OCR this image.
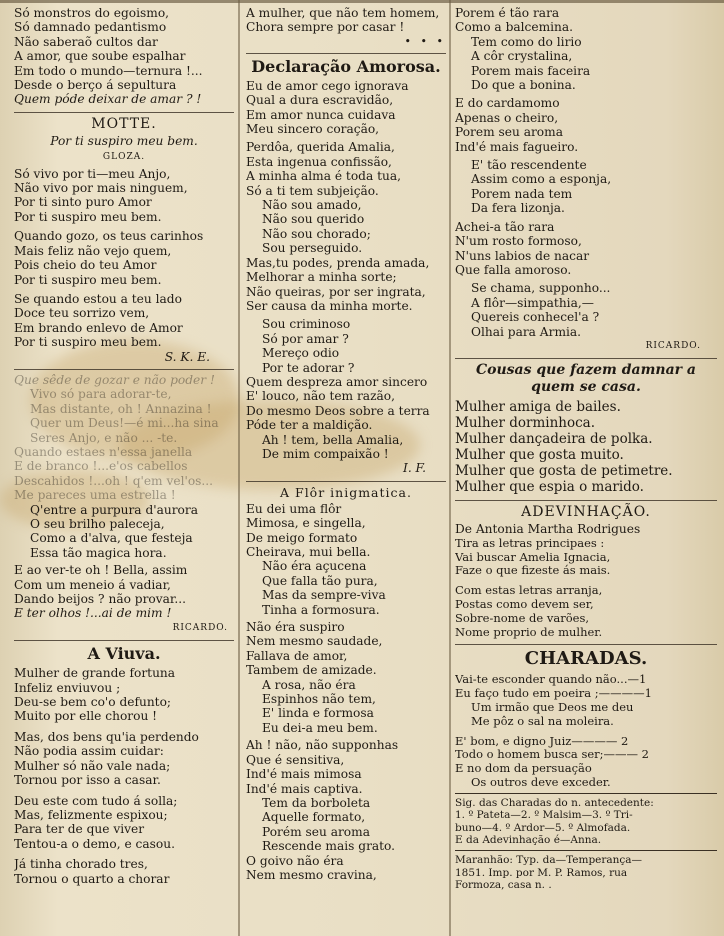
Só monstros do egoismo,
Só damnado pedantismo
Não saberaõ cultos dar
A amor, que soube espalhar
Em todo o mundo—ternura !...
Desde o berço á sepultura
Quem póde deixar de amar ? !
MOTTE.
Por ti suspiro meu bem.
GLOZA.
Só vivo por ti—meu Anjo,
Não vivo por mais ninguem,
Por ti sinto puro Amor
Por ti suspiro meu bem.
Quando gozo, os teus carinhos
Mais feliz não vejo quem,
Pois cheio do teu Amor
Por ti suspiro meu bem.
Se quando estou a teu lado
Doce teu sorrizo vem,
Em brando enlevo de Amor
Por ti suspiro meu bem.
S. K. E.
Que sêde de gozar e não poder !
Vivo só para adorar-te,
Mas distante, oh ! Annazina !
Quer um Deus!—é mi̇...ha sina
Seres Anjo, e não ... -te.
Quando estaes n'essa janella
E de branco !...e'os cabellos
Descahidos !...oh ! q'em vel'os...
Me pareces uma estrella !
Q'entre a purpura d'aurora
O seu brilho paleceja,
Como a d'alva, que festeja
Essa tão magica hora.
E ao ver-te oh ! Bella, assim
Com um meneio á vadiar,
Dando beijos ? não provar...
E ter olhos !...ai de mim !
RICARDO.
A Viuva.
Mulher de grande fortuna
Infeliz enviuvou ;
Deu-se bem co'o defunto;
Muito por elle chorou !
Mas, dos bens qu'ia perdendo
Não podia assim cuidar:
Mulher só não vale nada;
Tornou por isso a casar.
Deu este com tudo á solla;
Mas, felizmente espixou;
Para ter de que viver
Tentou-a o demo, e casou.
Já tinha chorado tres,
Tornou o quarto a chorar
A mulher, que não tem homem,
Chora sempre por casar !
• • •
Declaração Amorosa.
Eu de amor cego ignorava
Qual a dura escravidão,
Em amor nunca cuidava
Meu sincero coração,
Perdôa, querida Amalia,
Esta ingenua confissão,
A minha alma é toda tua,
Só a ti tem subjeição.
Não sou amado,
Não sou querido
Não sou chorado;
Sou perseguido.
Mas,tu podes, prenda amada,
Melhorar a minha sorte;
Não queiras, por ser ingrata,
Ser causa da minha morte.
Sou criminoso
Só por amar ?
Mereço odio
Por te adorar ?
Quem despreza amor sincero
E' louco, não tem razão,
Do mesmo Deos sobre a terra
Póde ter a maldição.
Ah ! tem, bella Amalia,
De mim compaixão !
I. F.
A Flôr inigmatica.
Eu dei uma flôr
Mimosa, e singella,
De meigo formato
Cheirava, mui bella.
Não éra açucena
Que falla tão pura,
Mas da sempre-viva
Tinha a formosura.
Não éra suspiro
Nem mesmo saudade,
Fallava de amor,
Tambem de amizade.
A rosa, não éra
Espinhos não tem,
E' linda e formosa
Eu dei-a meu bem.
Ah ! não, não supponhas
Que é sensitiva,
Ind'é mais mimosa
Ind'é mais captiva.
Tem da borboleta
Aquelle formato,
Porém seu aroma
Rescende mais grato.
O goivo não éra
Nem mesmo cravina,
Porem é tão rara
Como a balcemina.
Tem como do lirio
A côr crystalina,
Porem mais faceira
Do que a bonina.
E do cardamomo
Apenas o cheiro,
Porem seu aroma
Ind'é mais fagueiro.
E' tão rescendente
Assim como a esponja,
Porem nada tem
Da fera lizonja.
Achei-a tão rara
N'um rosto formoso,
N'uns labios de nacar
Que falla amoroso.
Se chama, supponho...
A flôr—simpathia,—
Quereis conhecel'a ?
Olhai para Armia.
RICARDO.
Cousas que fazem damnar a quem se casa.
Mulher amiga de bailes.
Mulher dorminhoca.
Mulher dançadeira de polka.
Mulher que gosta muito.
Mulher que gosta de petimetre.
Mulher que espia o marido.
ADEVINHAÇÃO.
De Antonia Martha Rodrigues
Tira as letras principaes :
Vai buscar Amelia Ignacia,
Faze o que fizeste ás mais.
Com estas letras arranja,
Postas como devem ser,
Sobre-nome de varões,
Nome proprio de mulher.
CHARADAS.
Vai-te esconder quando não...—1
Eu faço tudo em poeira ;————1
Um irmão que Deos me deu
Me pôz o sal na moleira.
E' bom, e digno Juiz———— 2
Todo o homem busca ser;——— 2
E no dom da persuação
Os outros deve exceder.
Sig. das Charadas do n. antecedente:
1. º Pateta—2. º Malsim—3. º Tri-
buno—4. º Ardor—5. º Almofada.
E da Adevinhação é—Anna.
Maranhão: Typ. da—Temperança—
1851. Imp. por M. P. Ramos, rua
Formoza, casa n. .
